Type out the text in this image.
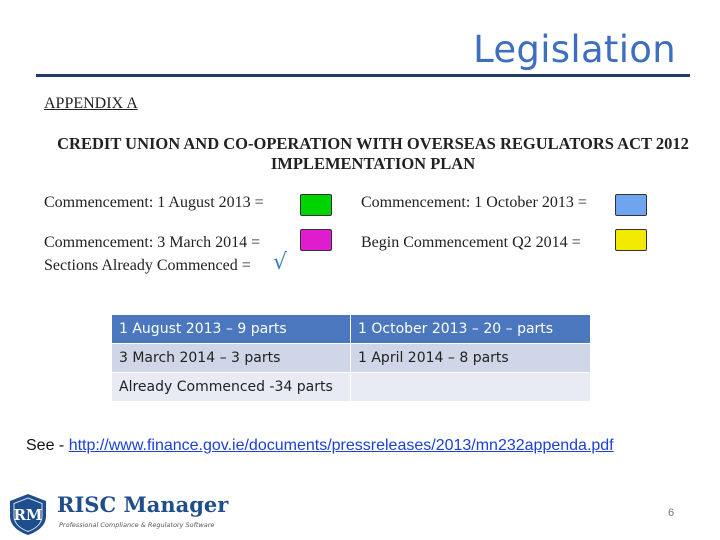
Legislation
APPENDIX A
CREDIT UNION AND CO-OPERATION WITH OVERSEAS REGULATORS ACT 2012
IMPLEMENTATION PLAN
Commencement: 1 August 2013 =	Commencement: 1 October 2013 =
Commencement: 3 March 2014 =	Begin Commencement Q2 2014 =
Sections Already Commenced = √
1 August 2013 – 9 parts	1 October 2013 – 20 – parts
3 March 2014 – 3 parts	1 April 2014 – 8 parts
Already Commenced -34 parts	
See - http://www.finance.gov.ie/documents/pressreleases/2013/mn232appenda.pdf
RM RISC Manager
Professional Compliance & Regulatory Software
6
